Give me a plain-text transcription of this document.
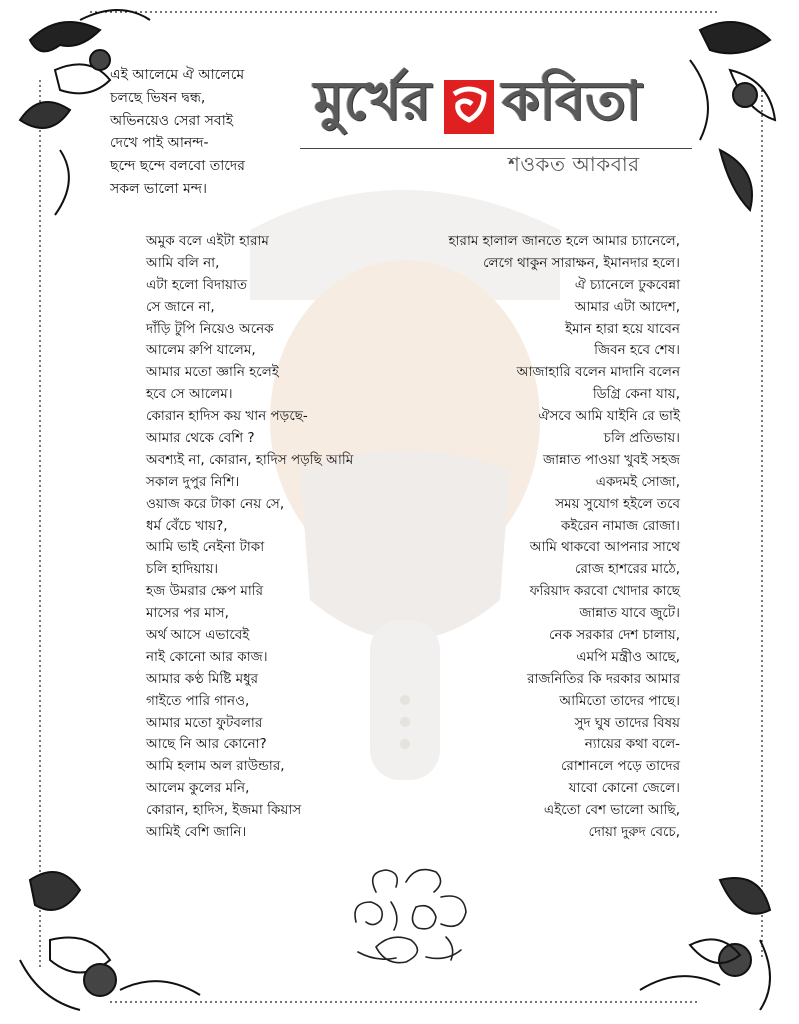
এই আলেমে ঐ আলেমে
চলছে ভিষন দ্বন্ধ,
অভিনয়েও সেরা সবাই
দেখে পাই আনন্দ-
ছন্দে ছন্দে বলবো তাদের
সকল ভালো মন্দ।
মুর্খের কবিতা
শওকত আকবার
অমুক বলে এইটা হারাম
আমি বলি না,
এটা হলো বিদায়াত
সে জানে না,
দাঁড়ি টুপি নিয়েও অনেক
আলেম রুপি যালেম,
আমার মতো জ্ঞানি হলেই
হবে সে আলেম।
কোরান হাদিস কয় খান পড়ছে-
আমার থেকে বেশি ?
অবশ্যই না, কোরান, হাদিস পড়ছি আমি
সকাল দুপুর নিশি।
ওয়াজ করে টাকা নেয় সে,
ধর্ম বেঁচে খায়?,
আমি ভাই নেইনা টাকা
চলি হাদিয়ায়।
হজ উমরার ক্ষেপ মারি
মাসের পর মাস,
অর্থ আসে এভাবেই
নাই কোনো আর কাজ।
আমার কণ্ঠ মিষ্টি মধুর
গাইতে পারি গানও,
আমার মতো ফুটবলার
আছে নি আর কোনো?
আমি হলাম অল রাউন্ডার,
আলেম কুলের মনি,
কোরান, হাদিস, ইজমা কিয়াস
আমিই বেশি জানি।
হারাম হালাল জানতে হলে আমার চ্যানেলে,
লেগে থাকুন সারাক্ষন, ইমানদার হলে।
ঐ চ্যানেলে ঢুকবেন্না
আমার এটা আদেশ,
ইমান হারা হয়ে যাবেন
জিবন হবে শেষ।
আজাহারি বলেন মাদানি বলেন
ডিগ্রি কেনা যায়,
ঐসবে আমি যাইনি রে ভাই
চলি প্রতিভায়।
জান্নাত পাওয়া খুবই সহজ
একদমই সোজা,
সময় সুযোগ হইলে তবে
কইরেন নামাজ রোজা।
আমি থাকবো আপনার সাথে
রোজ হাশরের মাঠে,
ফরিয়াদ করবো খোদার কাছে
জান্নাত যাবে জুটে।
নেক সরকার দেশ চালায়,
এমপি মন্ত্রীও আছে,
রাজনিতির কি দরকার আমার
আমিতো তাদের পাছে।
সুদ ঘুষ তাদের বিষয়
ন্যায়ের কথা বলে-
রোশানলে পড়ে তাদের
যাবো কোনো জেলে।
এইতো বেশ ভালো আছি,
দোয়া দুরুদ বেচে,
